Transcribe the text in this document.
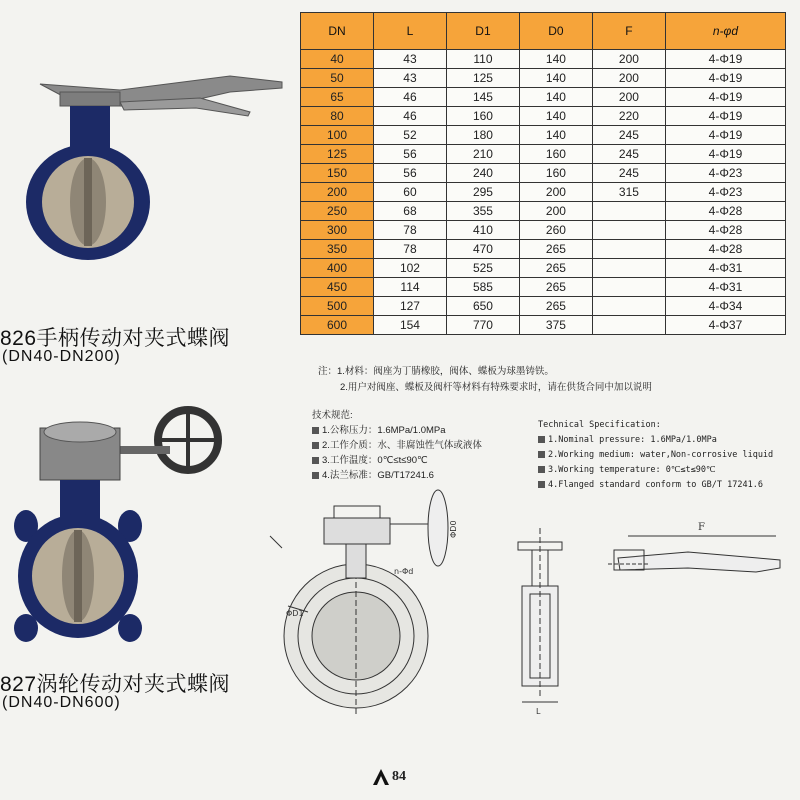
DN	L	D1	D0	F	n-φd
40	43	110	140	200	4-Φ19
50	43	125	140	200	4-Φ19
65	46	145	140	200	4-Φ19
80	46	160	140	220	4-Φ19
100	52	180	140	245	4-Φ19
125	56	210	160	245	4-Φ19
150	56	240	160	245	4-Φ23
200	60	295	200	315	4-Φ23
250	68	355	200		4-Φ28
300	78	410	260		4-Φ28
350	78	470	265		4-Φ28
400	102	525	265		4-Φ31
450	114	585	265		4-Φ31
500	127	650	265		4-Φ34
600	154	770	375		4-Φ37
826手柄传动对夹式蝶阀
(DN40-DN200)
827涡轮传动对夹式蝶阀
(DN40-DN600)
注：1.材料：阀座为丁腈橡胶，阀体、蝶板为球墨铸铁。
2.用户对阀座、蝶板及阀杆等材料有特殊要求时，请在供货合同中加以说明
技术规范:
1.公称压力：1.6MPa/1.0MPa
2.工作介质：水、非腐蚀性气体或液体
3.工作温度：0℃≤t≤90℃
4.法兰标准：GB/T17241.6
Technical Specification:
1.Nominal pressure: 1.6MPa/1.0MPa
2.Working medium: water,Non-corrosive liquid
3.Working temperature: 0℃≤t≤90℃
4.Flanged standard conform to GB/T 17241.6
ΦD1
n-Φd
ΦD0
L
F
84
